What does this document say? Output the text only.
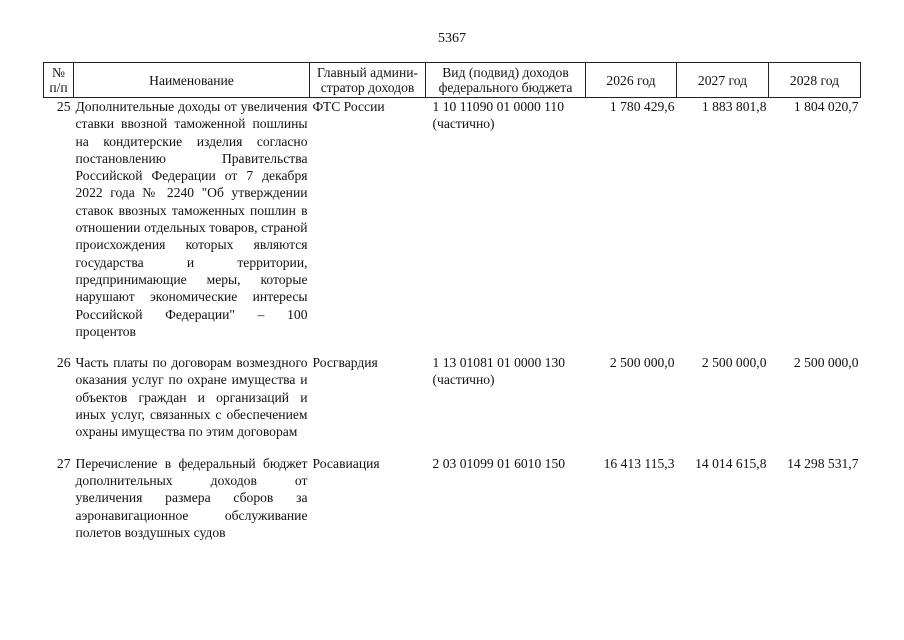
5367
№ п/п	Наименование	Главный админи-стратор доходов	Вид (подвид) доходов федерального бюджета	2026 год	2027 год	2028 год
25	Дополнительные доходы от увеличения ставки ввозной таможенной пошлины на кондитерские изделия согласно постановлению Правительства Российской Федерации от 7 декабря 2022 года № 2240 "Об утверждении ставок ввозных таможенных пошлин в отношении отдельных товаров, страной происхождения которых являются государства и территории, предпринимающие меры, которые нарушают экономические интересы Российской Федерации" – 100 процентов	ФТС России	1 10 11090 01 0000 110 (частично)	1 780 429,6	1 883 801,8	1 804 020,7
26	Часть платы по договорам возмездного оказания услуг по охране имущества и объектов граждан и организаций и иных услуг, связанных с обеспечением охраны имущества по этим договорам	Росгвардия	1 13 01081 01 0000 130 (частично)	2 500 000,0	2 500 000,0	2 500 000,0
27	Перечисление в федеральный бюджет дополнительных доходов от увеличения размера сборов за аэронавигационное обслуживание полетов воздушных судов	Росавиация	2 03 01099 01 6010 150	16 413 115,3	14 014 615,8	14 298 531,7
